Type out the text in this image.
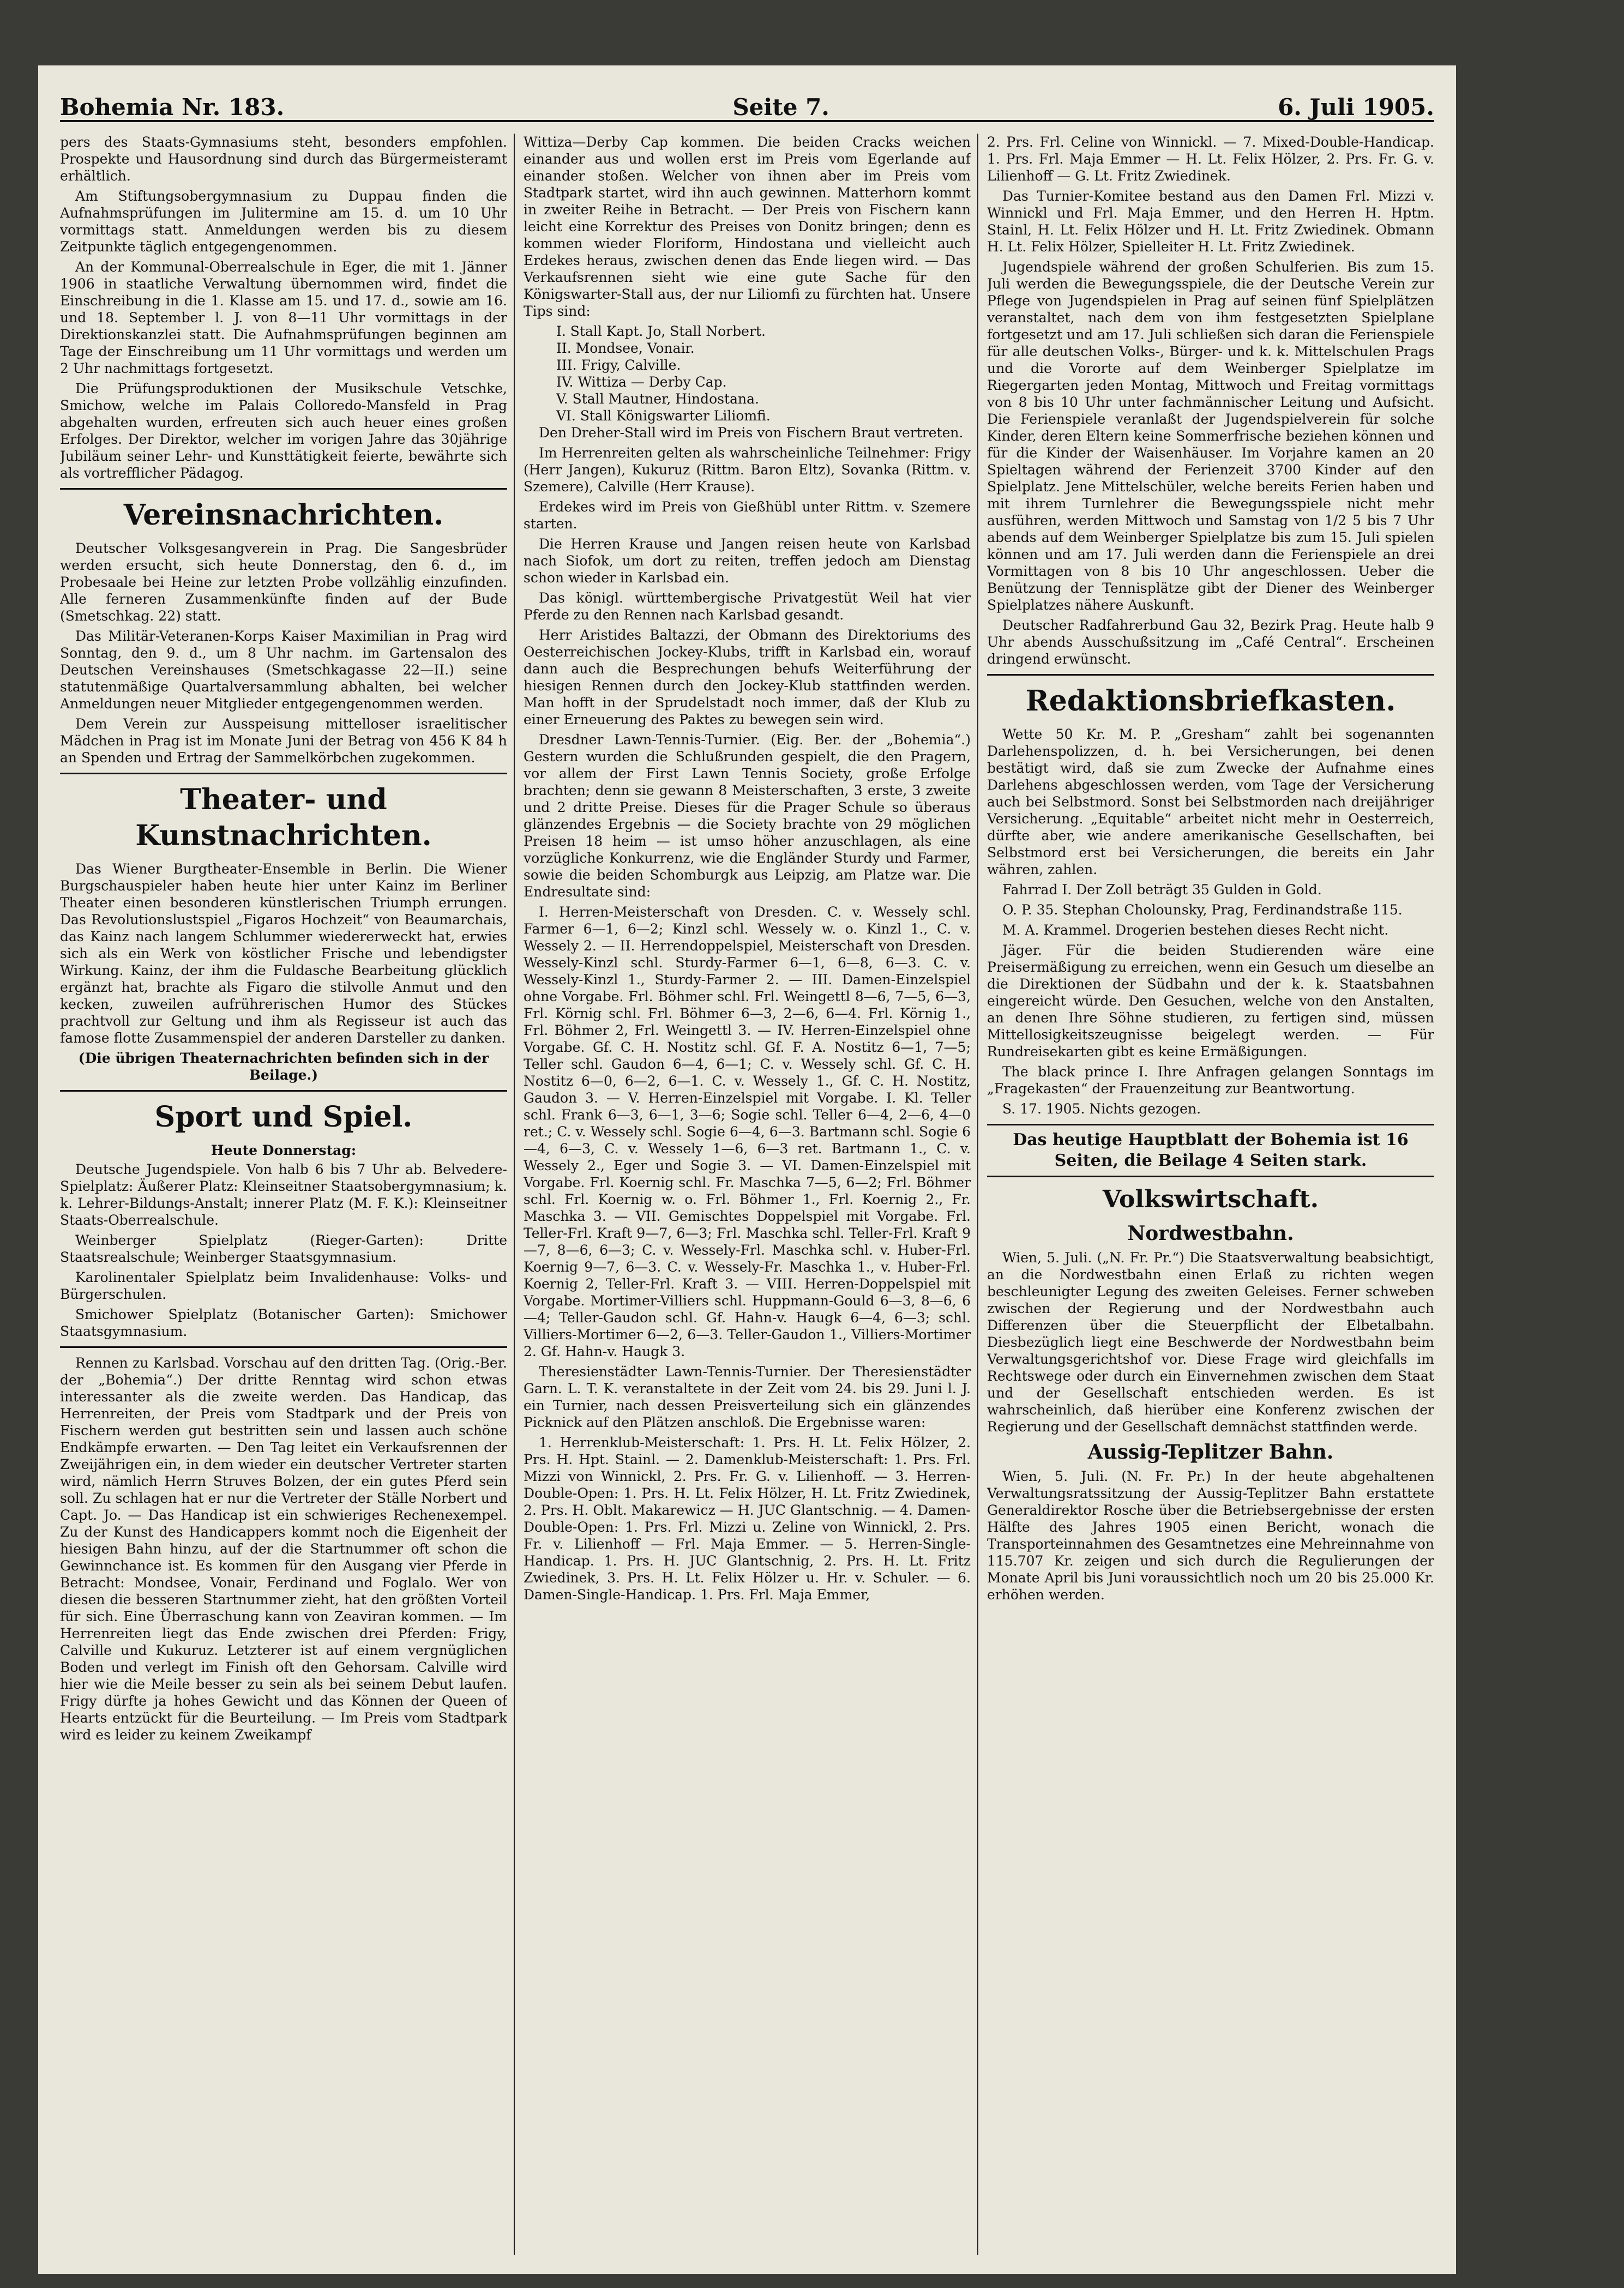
Bohemia Nr. 183.	Seite 7.	6. Juli 1905.

pers des Staats-Gymnasiums steht, besonders empfohlen. Prospekte und Hausordnung sind durch das Bürgermeisteramt erhältlich.

Am Stiftungsobergymnasium zu Duppau finden die Aufnahmsprüfungen im Julitermine am 15. d. um 10 Uhr vormittags statt. Anmeldungen werden bis zu diesem Zeitpunkte täglich entgegengenommen.

An der Kommunal-Oberrealschule in Eger, die mit 1. Jänner 1906 in staatliche Verwaltung übernommen wird, findet die Einschreibung in die 1. Klasse am 15. und 17. d., sowie am 16. und 18. September l. J. von 8—11 Uhr vormittags in der Direktionskanzlei statt. Die Aufnahmsprüfungen beginnen am Tage der Einschreibung um 11 Uhr vormittags und werden um 2 Uhr nachmittags fortgesetzt.

Die Prüfungsproduktionen der Musikschule Vetschke, Smichow, welche im Palais Colloredo-Mansfeld in Prag abgehalten wurden, erfreuten sich auch heuer eines großen Erfolges. Der Direktor, welcher im vorigen Jahre das 30jährige Jubiläum seiner Lehr- und Kunsttätigkeit feierte, bewährte sich als vortrefflicher Pädagog.

Vereinsnachrichten.

Deutscher Volksgesangverein in Prag. Die Sangesbrüder werden ersucht, sich heute Donnerstag, den 6. d., im Probesaale bei Heine zur letzten Probe vollzählig einzufinden. Alle ferneren Zusammenkünfte finden auf der Bude (Smetschkag. 22) statt.

Das Militär-Veteranen-Korps Kaiser Maximilian in Prag wird Sonntag, den 9. d., um 8 Uhr nachm. im Gartensalon des Deutschen Vereinshauses (Smetschkagasse 22—II.) seine statutenmäßige Quartalversammlung abhalten, bei welcher Anmeldungen neuer Mitglieder entgegengenommen werden.

Dem Verein zur Ausspeisung mittelloser israelitischer Mädchen in Prag ist im Monate Juni der Betrag von 456 K 84 h an Spenden und Ertrag der Sammelkörbchen zugekommen.

Theater- und Kunstnachrichten.

Das Wiener Burgtheater-Ensemble in Berlin. Die Wiener Burgschauspieler haben heute hier unter Kainz im Berliner Theater einen besonderen künstlerischen Triumph errungen. Das Revolutionslustspiel „Figaros Hochzeit“ von Beaumarchais, das Kainz nach langem Schlummer wiedererweckt hat, erwies sich als ein Werk von köstlicher Frische und lebendigster Wirkung. Kainz, der ihm die Fuldasche Bearbeitung glücklich ergänzt hat, brachte als Figaro die stilvolle Anmut und den kecken, zuweilen aufrührerischen Humor des Stückes prachtvoll zur Geltung und ihm als Regisseur ist auch das famose flotte Zusammenspiel der anderen Darsteller zu danken.

(Die übrigen Theaternachrichten befinden sich in der Beilage.)

Sport und Spiel.

Heute Donnerstag:

Deutsche Jugendspiele. Von halb 6 bis 7 Uhr ab. Belvedere-Spielplatz: Äußerer Platz: Kleinseitner Staatsobergymnasium; k. k. Lehrer-Bildungs-Anstalt; innerer Platz (M. F. K.): Kleinseitner Staats-Oberrealschule.

Weinberger Spielplatz (Rieger-Garten): Dritte Staatsrealschule; Weinberger Staatsgymnasium.

Karolinentaler Spielplatz beim Invalidenhause: Volks- und Bürgerschulen.

Smichower Spielplatz (Botanischer Garten): Smichower Staatsgymnasium.

Rennen zu Karlsbad. Vorschau auf den dritten Tag. (Orig.-Ber. der „Bohemia“.) Der dritte Renntag wird schon etwas interessanter als die zweite werden. Das Handicap, das Herrenreiten, der Preis vom Stadtpark und der Preis von Fischern werden gut bestritten sein und lassen auch schöne Endkämpfe erwarten. — Den Tag leitet ein Verkaufsrennen der Zweijährigen ein, in dem wieder ein deutscher Vertreter starten wird, nämlich Herrn Struves Bolzen, der ein gutes Pferd sein soll. Zu schlagen hat er nur die Vertreter der Ställe Norbert und Capt. Jo. — Das Handicap ist ein schwieriges Rechenexempel. Zu der Kunst des Handicappers kommt noch die Eigenheit der hiesigen Bahn hinzu, auf der die Startnummer oft schon die Gewinnchance ist. Es kommen für den Ausgang vier Pferde in Betracht: Mondsee, Vonair, Ferdinand und Foglalo. Wer von diesen die besseren Startnummer zieht, hat den größten Vorteil für sich. Eine Überraschung kann von Zeaviran kommen. — Im Herrenreiten liegt das Ende zwischen drei Pferden: Frigy, Calville und Kukuruz. Letzterer ist auf einem vergnüglichen Boden und verlegt im Finish oft den Gehorsam. Calville wird hier wie die Meile besser zu sein als bei seinem Debut laufen. Frigy dürfte ja hohes Gewicht und das Können der Queen of Hearts entzückt für die Beurteilung. — Im Preis vom Stadtpark wird es leider zu keinem Zweikampf

Wittiza—Derby Cap kommen. Die beiden Cracks weichen einander aus und wollen erst im Preis vom Egerlande auf einander stoßen. Welcher von ihnen aber im Preis vom Stadtpark startet, wird ihn auch gewinnen. Matterhorn kommt in zweiter Reihe in Betracht. — Der Preis von Fischern kann leicht eine Korrektur des Preises von Donitz bringen; denn es kommen wieder Floriform, Hindostana und vielleicht auch Erdekes heraus, zwischen denen das Ende liegen wird. — Das Verkaufsrennen sieht wie eine gute Sache für den Königswarter-Stall aus, der nur Liliomfi zu fürchten hat. Unsere Tips sind:

I. Stall Kapt. Jo, Stall Norbert.

II. Mondsee, Vonair.

III. Frigy, Calville.

IV. Wittiza — Derby Cap.

V. Stall Mautner, Hindostana.

VI. Stall Königswarter Liliomfi.

Den Dreher-Stall wird im Preis von Fischern Braut vertreten.

Im Herrenreiten gelten als wahrscheinliche Teilnehmer: Frigy (Herr Jangen), Kukuruz (Rittm. Baron Eltz), Sovanka (Rittm. v. Szemere), Calville (Herr Krause).

Erdekes wird im Preis von Gießhübl unter Rittm. v. Szemere starten.

Die Herren Krause und Jangen reisen heute von Karlsbad nach Siofok, um dort zu reiten, treffen jedoch am Dienstag schon wieder in Karlsbad ein.

Das königl. württembergische Privatgestüt Weil hat vier Pferde zu den Rennen nach Karlsbad gesandt.

Herr Aristides Baltazzi, der Obmann des Direktoriums des Oesterreichischen Jockey-Klubs, trifft in Karlsbad ein, worauf dann auch die Besprechungen behufs Weiterführung der hiesigen Rennen durch den Jockey-Klub stattfinden werden. Man hofft in der Sprudelstadt noch immer, daß der Klub zu einer Erneuerung des Paktes zu bewegen sein wird.

Dresdner Lawn-Tennis-Turnier. (Eig. Ber. der „Bohemia“.) Gestern wurden die Schlußrunden gespielt, die den Pragern, vor allem der First Lawn Tennis Society, große Erfolge brachten; denn sie gewann 8 Meisterschaften, 3 erste, 3 zweite und 2 dritte Preise. Dieses für die Prager Schule so überaus glänzendes Ergebnis — die Society brachte von 29 möglichen Preisen 18 heim — ist umso höher anzuschlagen, als eine vorzügliche Konkurrenz, wie die Engländer Sturdy und Farmer, sowie die beiden Schomburgk aus Leipzig, am Platze war. Die Endresultate sind:

I. Herren-Meisterschaft von Dresden. C. v. Wessely schl. Farmer 6—1, 6—2; Kinzl schl. Wessely w. o. Kinzl 1., C. v. Wessely 2. — II. Herrendoppelspiel, Meisterschaft von Dresden. Wessely-Kinzl schl. Sturdy-Farmer 6—1, 6—8, 6—3. C. v. Wessely-Kinzl 1., Sturdy-Farmer 2. — III. Damen-Einzelspiel ohne Vorgabe. Frl. Böhmer schl. Frl. Weingettl 8—6, 7—5, 6—3, Frl. Körnig schl. Frl. Böhmer 6—3, 2—6, 6—4. Frl. Körnig 1., Frl. Böhmer 2, Frl. Weingettl 3. — IV. Herren-Einzelspiel ohne Vorgabe. Gf. C. H. Nostitz schl. Gf. F. A. Nostitz 6—1, 7—5; Teller schl. Gaudon 6—4, 6—1; C. v. Wessely schl. Gf. C. H. Nostitz 6—0, 6—2, 6—1. C. v. Wessely 1., Gf. C. H. Nostitz, Gaudon 3. — V. Herren-Einzelspiel mit Vorgabe. I. Kl. Teller schl. Frank 6—3, 6—1, 3—6; Sogie schl. Teller 6—4, 2—6, 4—0 ret.; C. v. Wessely schl. Sogie 6—4, 6—3. Bartmann schl. Sogie 6—4, 6—3, C. v. Wessely 1—6, 6—3 ret. Bartmann 1., C. v. Wessely 2., Eger und Sogie 3. — VI. Damen-Einzelspiel mit Vorgabe. Frl. Koernig schl. Fr. Maschka 7—5, 6—2; Frl. Böhmer schl. Frl. Koernig w. o. Frl. Böhmer 1., Frl. Koernig 2., Fr. Maschka 3. — VII. Gemischtes Doppelspiel mit Vorgabe. Frl. Teller-Frl. Kraft 9—7, 6—3; Frl. Maschka schl. Teller-Frl. Kraft 9—7, 8—6, 6—3; C. v. Wessely-Frl. Maschka schl. v. Huber-Frl. Koernig 9—7, 6—3. C. v. Wessely-Fr. Maschka 1., v. Huber-Frl. Koernig 2, Teller-Frl. Kraft 3. — VIII. Herren-Doppelspiel mit Vorgabe. Mortimer-Villiers schl. Huppmann-Gould 6—3, 8—6, 6—4; Teller-Gaudon schl. Gf. Hahn-v. Haugk 6—4, 6—3; schl. Villiers-Mortimer 6—2, 6—3. Teller-Gaudon 1., Villiers-Mortimer 2. Gf. Hahn-v. Haugk 3.

Theresienstädter Lawn-Tennis-Turnier. Der Theresienstädter Garn. L. T. K. veranstaltete in der Zeit vom 24. bis 29. Juni l. J. ein Turnier, nach dessen Preisverteilung sich ein glänzendes Picknick auf den Plätzen anschloß. Die Ergebnisse waren:

1. Herrenklub-Meisterschaft: 1. Prs. H. Lt. Felix Hölzer, 2. Prs. H. Hpt. Stainl. — 2. Damenklub-Meisterschaft: 1. Prs. Frl. Mizzi von Winnickl, 2. Prs. Fr. G. v. Lilienhoff. — 3. Herren-Double-Open: 1. Prs. H. Lt. Felix Hölzer, H. Lt. Fritz Zwiedinek, 2. Prs. H. Oblt. Makarewicz — H. JUC Glantschnig. — 4. Damen-Double-Open: 1. Prs. Frl. Mizzi u. Zeline von Winnickl, 2. Prs. Fr. v. Lilienhoff — Frl. Maja Emmer. — 5. Herren-Single-Handicap. 1. Prs. H. JUC Glantschnig, 2. Prs. H. Lt. Fritz Zwiedinek, 3. Prs. H. Lt. Felix Hölzer u. Hr. v. Schuler. — 6. Damen-Single-Handicap. 1. Prs. Frl. Maja Emmer,

2. Prs. Frl. Celine von Winnickl. — 7. Mixed-Double-Handicap. 1. Prs. Frl. Maja Emmer — H. Lt. Felix Hölzer, 2. Prs. Fr. G. v. Lilienhoff — G. Lt. Fritz Zwiedinek.

Das Turnier-Komitee bestand aus den Damen Frl. Mizzi v. Winnickl und Frl. Maja Emmer, und den Herren H. Hptm. Stainl, H. Lt. Felix Hölzer und H. Lt. Fritz Zwiedinek. Obmann H. Lt. Felix Hölzer, Spielleiter H. Lt. Fritz Zwiedinek.

Jugendspiele während der großen Schulferien. Bis zum 15. Juli werden die Bewegungsspiele, die der Deutsche Verein zur Pflege von Jugendspielen in Prag auf seinen fünf Spielplätzen veranstaltet, nach dem von ihm festgesetzten Spielplane fortgesetzt und am 17. Juli schließen sich daran die Ferienspiele für alle deutschen Volks-, Bürger- und k. k. Mittelschulen Prags und die Vororte auf dem Weinberger Spielplatze im Riegergarten jeden Montag, Mittwoch und Freitag vormittags von 8 bis 10 Uhr unter fachmännischer Leitung und Aufsicht. Die Ferienspiele veranlaßt der Jugendspielverein für solche Kinder, deren Eltern keine Sommerfrische beziehen können und für die Kinder der Waisenhäuser. Im Vorjahre kamen an 20 Spieltagen während der Ferienzeit 3700 Kinder auf den Spielplatz. Jene Mittelschüler, welche bereits Ferien haben und mit ihrem Turnlehrer die Bewegungsspiele nicht mehr ausführen, werden Mittwoch und Samstag von 1/2 5 bis 7 Uhr abends auf dem Weinberger Spielplatze bis zum 15. Juli spielen können und am 17. Juli werden dann die Ferienspiele an drei Vormittagen von 8 bis 10 Uhr angeschlossen. Ueber die Benützung der Tennisplätze gibt der Diener des Weinberger Spielplatzes nähere Auskunft.

Deutscher Radfahrerbund Gau 32, Bezirk Prag. Heute halb 9 Uhr abends Ausschußsitzung im „Café Central“. Erscheinen dringend erwünscht.

Redaktionsbriefkasten.

Wette 50 Kr. M. P. „Gresham“ zahlt bei sogenannten Darlehenspolizzen, d. h. bei Versicherungen, bei denen bestätigt wird, daß sie zum Zwecke der Aufnahme eines Darlehens abgeschlossen werden, vom Tage der Versicherung auch bei Selbstmord. Sonst bei Selbstmorden nach dreijähriger Versicherung. „Equitable“ arbeitet nicht mehr in Oesterreich, dürfte aber, wie andere amerikanische Gesellschaften, bei Selbstmord erst bei Versicherungen, die bereits ein Jahr währen, zahlen.

Fahrrad I. Der Zoll beträgt 35 Gulden in Gold.

O. P. 35. Stephan Cholounsky, Prag, Ferdinandstraße 115.

M. A. Krammel. Drogerien bestehen dieses Recht nicht.

Jäger. Für die beiden Studierenden wäre eine Preisermäßigung zu erreichen, wenn ein Gesuch um dieselbe an die Direktionen der Südbahn und der k. k. Staatsbahnen eingereicht würde. Den Gesuchen, welche von den Anstalten, an denen Ihre Söhne studieren, zu fertigen sind, müssen Mittellosigkeitszeugnisse beigelegt werden. — Für Rundreisekarten gibt es keine Ermäßigungen.

The black prince I. Ihre Anfragen gelangen Sonntags im „Fragekasten“ der Frauenzeitung zur Beantwortung.

S. 17. 1905. Nichts gezogen.

Das heutige Hauptblatt der Bohemia ist 16 Seiten, die Beilage 4 Seiten stark.
Volkswirtschaft.
Nordwestbahn.

Wien, 5. Juli. („N. Fr. Pr.“) Die Staatsverwaltung beabsichtigt, an die Nordwestbahn einen Erlaß zu richten wegen beschleunigter Legung des zweiten Geleises. Ferner schweben zwischen der Regierung und der Nordwestbahn auch Differenzen über die Steuerpflicht der Elbetalbahn. Diesbezüglich liegt eine Beschwerde der Nordwestbahn beim Verwaltungsgerichtshof vor. Diese Frage wird gleichfalls im Rechtswege oder durch ein Einvernehmen zwischen dem Staat und der Gesellschaft entschieden werden. Es ist wahrscheinlich, daß hierüber eine Konferenz zwischen der Regierung und der Gesellschaft demnächst stattfinden werde.

Aussig-Teplitzer Bahn.

Wien, 5. Juli. (N. Fr. Pr.) In der heute abgehaltenen Verwaltungsratssitzung der Aussig-Teplitzer Bahn erstattete Generaldirektor Rosche über die Betriebsergebnisse der ersten Hälfte des Jahres 1905 einen Bericht, wonach die Transporteinnahmen des Gesamtnetzes eine Mehreinnahme von 115.707 Kr. zeigen und sich durch die Regulierungen der Monate April bis Juni voraussichtlich noch um 20 bis 25.000 Kr. erhöhen werden.
